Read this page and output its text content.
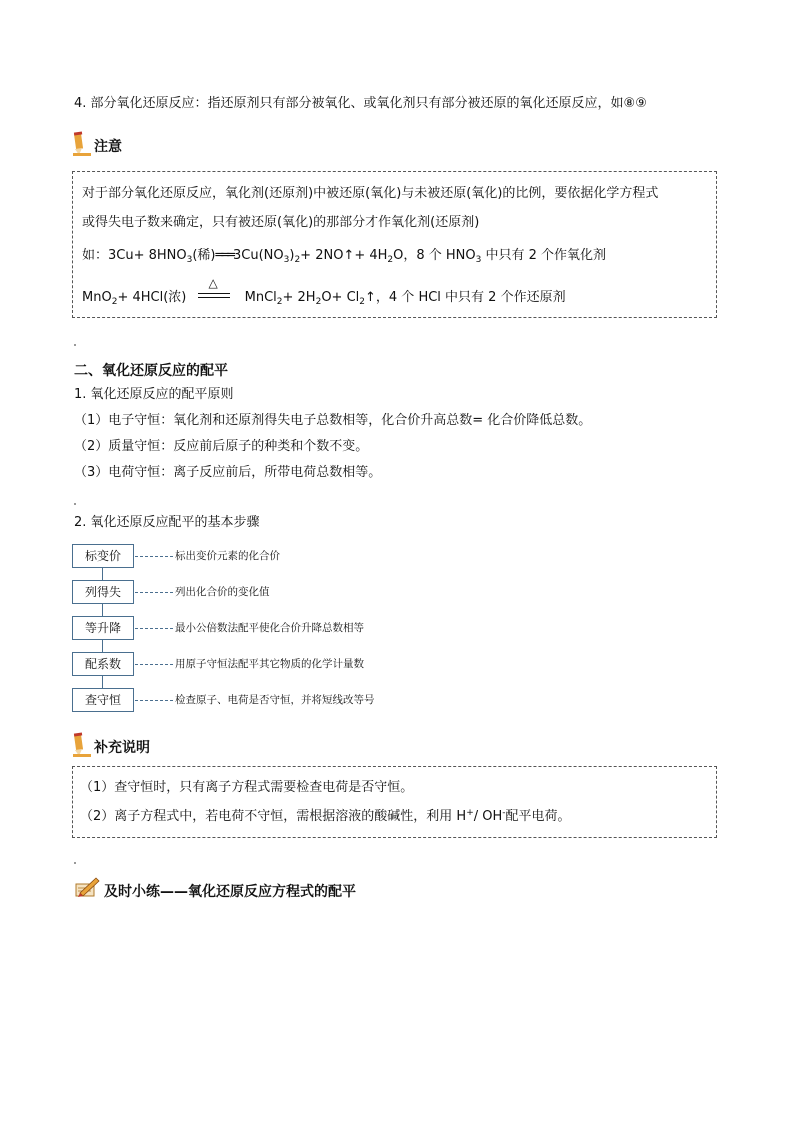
4. 部分氧化还原反应：指还原剂只有部分被氧化、或氧化剂只有部分被还原的氧化还原反应，如⑧⑨
注意
对于部分氧化还原反应，氧化剂(还原剂)中被还原(氧化)与未被还原(氧化)的比例，要依据化学方程式
或得失电子数来确定，只有被还原(氧化)的那部分才作氧化剂(还原剂)
如：$3Cu+ 8HNO_3$(稀)$═══3Cu(NO_3)_2+$ 2NO↑+ $4H_2O$，8 个 $HNO_3$ 中只有 2 个作氧化剂
MnO$_2$+ 4HCl(浓)
△
MnCl$_2$+ $2H_2O+$ $Cl_2↑$，4 个 HCl 中只有 2 个作还原剂
二、氧化还原反应的配平
1. 氧化还原反应的配平原则
（1）电子守恒：氧化剂和还原剂得失电子总数相等，化合价升高总数= 化合价降低总数。
（2）质量守恒：反应前后原子的种类和个数不变。
（3）电荷守恒：离子反应前后，所带电荷总数相等。
2. 氧化还原反应配平的基本步骤
标变价	标出变价元素的化合价
列得失	列出化合价的变化值
等升降	最小公倍数法配平使化合价升降总数相等
配系数	用原子守恒法配平其它物质的化学计量数
查守恒	检查原子、电荷是否守恒，并将短线改等号
补充说明
（1）查守恒时，只有离子方程式需要检查电荷是否守恒。
（2）离子方程式中，若电荷不守恒，需根据溶液的酸碱性，利用 H+/ OH-配平电荷。
及时小练——氧化还原反应方程式的配平
